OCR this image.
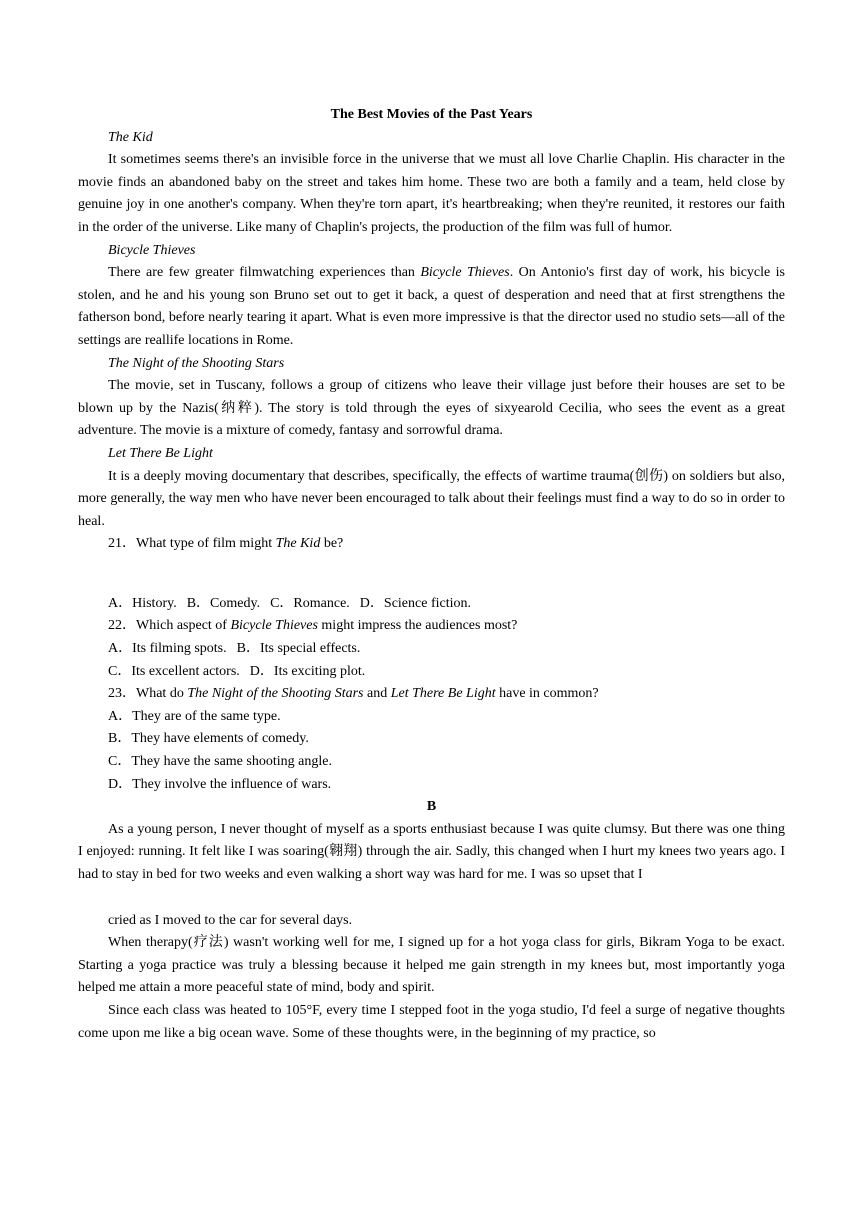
The Best Movies of the Past Years
The Kid
It sometimes seems there's an invisible force in the universe that we must all love Charlie Chaplin. His character in the movie finds an abandoned baby on the street and takes him home. These two are both a family and a team, held close by genuine joy in one another's company. When they're torn apart, it's heartbreaking; when they're reunited, it restores our faith in the order of the universe. Like many of Chaplin's projects, the production of the film was full of humor.
Bicycle Thieves
There are few greater filmwatching experiences than Bicycle Thieves. On Antonio's first day of work, his bicycle is stolen, and he and his young son Bruno set out to get it back, a quest of desperation and need that at first strengthens the fatherson bond, before nearly tearing it apart. What is even more impressive is that the director used no studio sets—all of the settings are reallife locations in Rome.
The Night of the Shooting Stars
The movie, set in Tuscany, follows a group of citizens who leave their village just before their houses are set to be blown up by the Nazis(纳粹). The story is told through the eyes of sixyearold Cecilia, who sees the event as a great adventure. The movie is a mixture of comedy, fantasy and sorrowful drama.
Let There Be Light
It is a deeply moving documentary that describes, specifically, the effects of wartime trauma(创伤) on soldiers but also, more generally, the way men who have never been encouraged to talk about their feelings must find a way to do so in order to heal.
21．What type of film might The Kid be?
A．History. B．Comedy. C．Romance. D．Science fiction.
22．Which aspect of Bicycle Thieves might impress the audiences most?
A．Its filming spots. B．Its special effects.
C．Its excellent actors. D．Its exciting plot.
23．What do The Night of the Shooting Stars and Let There Be Light have in common?
A．They are of the same type.
B．They have elements of comedy.
C．They have the same shooting angle.
D．They involve the influence of wars.
B
As a young person, I never thought of myself as a sports enthusiast because I was quite clumsy. But there was one thing I enjoyed: running. It felt like I was soaring(翱翔) through the air. Sadly, this changed when I hurt my knees two years ago. I had to stay in bed for two weeks and even walking a short way was hard for me. I was so upset that I
cried as I moved to the car for several days.
When therapy(疗法) wasn't working well for me, I signed up for a hot yoga class for girls, Bikram Yoga to be exact. Starting a yoga practice was truly a blessing because it helped me gain strength in my knees but, most importantly yoga helped me attain a more peaceful state of mind, body and spirit.
Since each class was heated to 105°F, every time I stepped foot in the yoga studio, I'd feel a surge of negative thoughts come upon me like a big ocean wave. Some of these thoughts were, in the beginning of my practice, so
